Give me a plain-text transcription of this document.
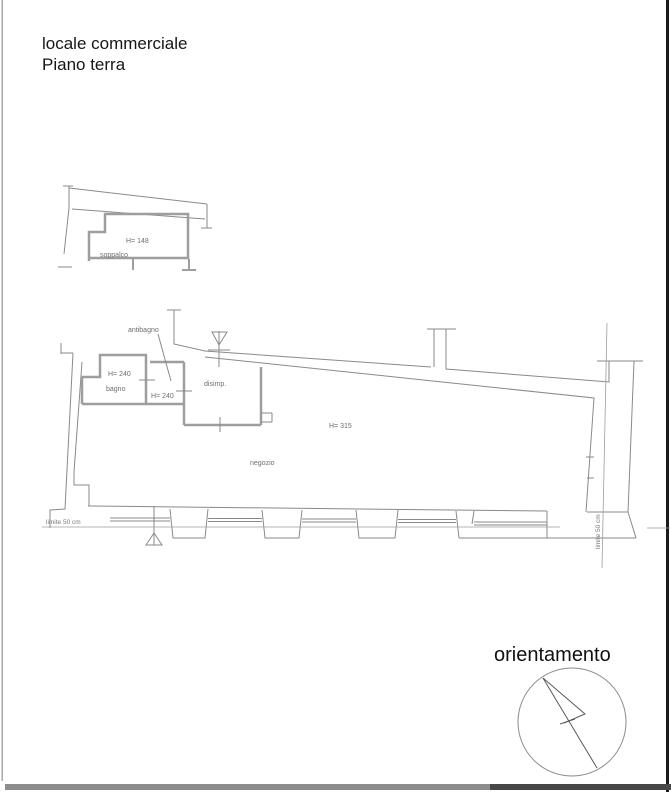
locale commerciale
Piano terra
H= 148
soppalco
H= 240
bagno
antibagno
H= 240
disimp.
H= 315
negozio
limite 50 cm	limite 50 cm
orientamento
